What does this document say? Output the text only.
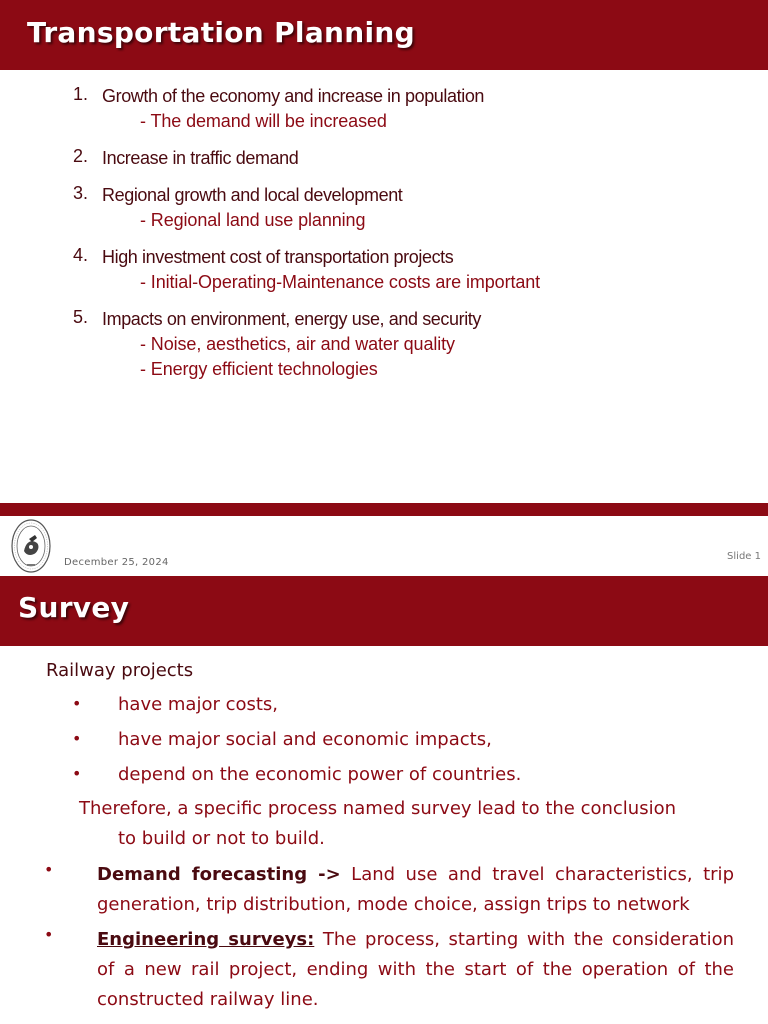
Transportation Planning
1. Growth of the economy and increase in population
- The demand will be increased
2. Increase in traffic demand
3. Regional growth and local development
- Regional land use planning
4. High investment cost of transportation projects
- Initial-Operating-Maintenance costs are important
5. Impacts on environment, energy use, and security
- Noise, aesthetics, air and water quality
- Energy efficient technologies
December 25, 2024
Slide 1
Survey
Railway projects
• have major costs,
• have major social and economic impacts,
• depend on the economic power of countries.
Therefore, a specific process named survey lead to the conclusion
to build or not to build.
• Demand forecasting -> Land use and travel characteristics, trip generation, trip distribution, mode choice, assign trips to network
• Engineering surveys: The process, starting with the consideration of a new rail project, ending with the start of the operation of the constructed railway line.
